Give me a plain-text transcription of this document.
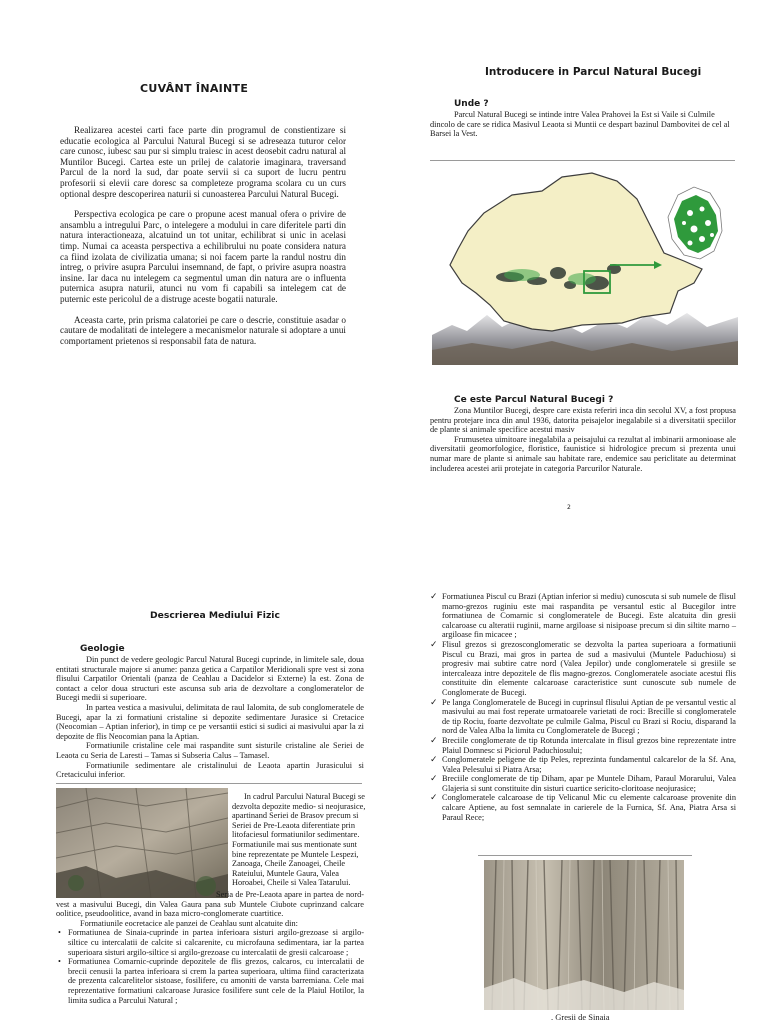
CUVÂNT ÎNAINTE

Realizarea acestei carti face parte din programul de constientizare si educatie ecologica al Parcului Natural Bucegi si se adreseaza tuturor celor care cunosc, iubesc sau pur si simplu traiesc in acest deosebit cadru natural al Muntilor Bucegi. Cartea este un prilej de calatorie imaginara, traversand Parcul de la nord la sud, dar poate servii si ca suport de lucru pentru profesorii si elevii care doresc sa completeze programa scolara cu un curs optional despre descoperirea naturii si cunoasterea Parcului Natural Bucegi.

Perspectiva ecologica pe care o propune acest manual ofera o privire de ansamblu a intregului Parc, o intelegere a modului in care diferitele parti din natura interactioneaza, alcatuind un tot unitar, echilibrat si unic in acelasi timp. Numai ca aceasta perspectiva a echilibrului nu poate considera natura ca fiind izolata de civilizatia umana; si noi facem parte la randul nostru din intreg, o privire asupra Parcului insemnand, de fapt, o privire asupra noastra insine. Iar daca nu intelegem ca segmentul uman din natura are o influenta puternica asupra naturii, atunci nu vom fi capabili sa intelegem cat de puternic este pericolul de a distruge aceste bogatii naturale.

Aceasta carte, prin prisma calatoriei pe care o descrie, constituie asadar o cautare de modalitati de intelegere a mecanismelor naturale si adoptare a unui comportament prietenos si responsabil fata de natura.

Introducere in Parcul Natural Bucegi
Unde ?

Parcul Natural Bucegi se intinde intre Valea Prahovei la Est si Vaile si Culmile dincolo de care se ridica Masivul Leaota si Muntii ce despart bazinul Dambovitei de cel al Barsei la Vest.

Ce este Parcul Natural Bucegi ?

Zona Muntilor Bucegi, despre care exista referiri inca din secolul XV, a fost propusa pentru protejare inca din anul 1936, datorita peisajelor inegalabile si a diversitatii speciilor de plante si animale specifice acestui masiv

Frumusetea uimitoare inegalabila a peisajului ca rezultat al imbinarii armonioase ale diversitatii geomorfologice, floristice, faunistice si hidrologice precum si prezenta unui numar mare de plante si animale sau habitate rare, endemice sau periclitate au determinat includerea acestei arii protejate in categoria Parcurilor Naturale.

2
Descrierea Mediului Fizic
Geologie

Din punct de vedere geologic Parcul Natural Bucegi cuprinde, in limitele sale, doua entitati structurale majore si anume: panza getica a Carpatilor Meridionali spre vest si zona flisului Carpatilor Orientali (panza de Ceahlau a Dacidelor si Externe) la est. Zona de contact a celor doua structuri este ascunsa sub aria de dezvoltare a conglomeratelor de Bucegi medii si superioare.

In partea vestica a masivului, delimitata de raul Ialomita, de sub conglomeratele de Bucegi, apar la zi formatiuni cristaline si depozite sedimentare Jurasice si Cretacice (Neocomian – Aptian inferior), in timp ce pe versantii estici si sudici ai masivului apar la zi depozite de flis Neocomian pana la Aptian.

Formatiunile cristaline cele mai raspandite sunt sisturile cristaline ale Seriei de Leaota cu Seria de Laresti – Tamas si Subseria Calus – Tamasel.

Formatiunile sedimentare ale cristalinului de Leaota apartin Jurasicului si Cretacicului inferior.

In cadrul Parcului Natural Bucegi se dezvolta depozite medio- si neojurasice, apartinand Seriei de Brasov precum si Seriei de Pre-Leaota diferentiate prin litofaciesul formatiunilor sedimentare. Formatiunile mai sus mentionate sunt bine reprezentate pe Muntele Lespezi, Zanoaga, Cheile Zanoagei, Cheile Rateiului, Muntele Gaura, Valea Horoabei, Cheile si Valea Tatarului.

Seria de Pre-Leaota apare in partea de nord-vest a masivului Bucegi, din Valea Gaura pana sub Muntele Ciubote cuprinzand calcare oolitice, pseudoolitice, avand in baza micro-conglomerate cuartitice.

Formatiunile eocretacice ale panzei de Ceahlau sunt alcatuite din:

• Formatiunea de Sinaia-cuprinde in partea inferioara sisturi argilo-grezoase si argilo-siltice cu intercalatii de calcite si calcarenite, cu microfauna sedimentara, iar la partea superioara sisturi argilo-siltice si argilo-grezoase cu intercalatii de gresii calcaroase ;
• Formatiunea Comarnic-cuprinde depozitele de flis grezos, calcaros, cu intercalatii de brecii cenusii la partea inferioara si crem la partea superioara, ultima fiind caracterizata de prezenta calcarelitelor sistoase, fosilifere, cu amoniti de varsta barremiana. Cele mai reprezentative formatiuni calcaroase Jurasice fosilifere sunt cele de la Plaiul Hotilor, la limita sudica a Parcului Natural ;
✓ Formatiunea Piscul cu Brazi (Aptian inferior si mediu) cunoscuta si sub numele de flisul marno-grezos ruginiu este mai raspandita pe versantul estic al Bucegilor intre formatiunea de Comarnic si conglomeratele de Bucegi. Este alcatuita din gresii calcaroase cu alteratii ruginii, marne argiloase si nisipoase precum si din siltite marno – argiloase fin micacee ;
✓ Flisul grezos si grezosconglomeratic se dezvolta la partea superioara a formatiunii Piscul cu Brazi, mai gros in partea de sud a masivului (Muntele Paduchiosu) si progresiv mai subtire catre nord (Valea Jepilor) unde conglomeratele si gresiile se intercaleaza intre depozitele de flis magno-grezos. Conglomeratele asociate acestui flis constituite din elemente calcaroase caracteristice sunt cunoscute sub numele de Conglomerate de Bucegi.
✓ Pe langa Conglomeratele de Bucegi in cuprinsul flisului Aptian de pe versantul vestic al masivului au mai fost reperate urmatoarele varietati de roci: Brecille si conglomeratele de tip Rociu, foarte dezvoltate pe culmile Galma, Piscul cu Brazi si Rociu, disparand la nord de Valea Alba la limita cu Conglomeratele de Bucegi ;
✓ Breciile conglomerate de tip Rotunda intercalate in flisul grezos bine reprezentate intre Plaiul Domnesc si Piciorul Paduchiosului;
✓ Conglomeratele peligene de tip Peles, reprezinta fundamentul calcarelor de la Sf. Ana, Valea Pelesului si Piatra Arsa;
✓ Breciile conglomerate de tip Diham, apar pe Muntele Diham, Paraul Morarului, Valea Glajeria si sunt constituite din sisturi cuartice sericito-cloritoase neojurasice;
✓ Conglomeratele calcaroase de tip Velicanul Mic cu elemente calcaroase provenite din calcare Aptiene, au fost semnalate in carierele de la Furnica, Sf. Ana, Piatra Arsa si Paraul Rece;
. Gresii de Sinaia
